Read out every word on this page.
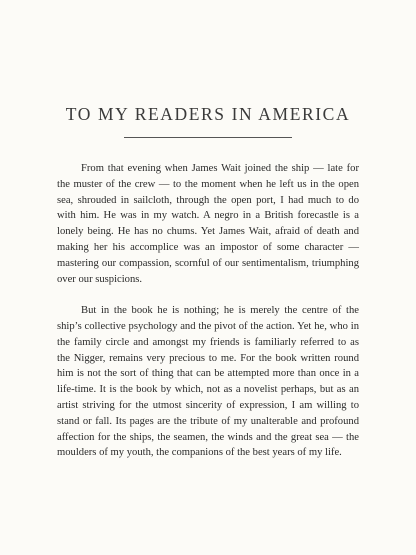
TO MY READERS IN AMERICA

From that evening when James Wait joined the ship — late for the muster of the crew — to the moment when he left us in the open sea, shrouded in sailcloth, through the open port, I had much to do with him. He was in my watch. A negro in a British forecastle is a lonely being. He has no chums. Yet James Wait, afraid of death and making her his accomplice was an impostor of some character — mastering our compassion, scornful of our sentimentalism, triumphing over our suspicions.

But in the book he is nothing; he is merely the centre of the ship’s collective psychology and the pivot of the action. Yet he, who in the family circle and amongst my friends is familiarly referred to as the Nigger, remains very precious to me. For the book written round him is not the sort of thing that can be attempted more than once in a life-time. It is the book by which, not as a novelist perhaps, but as an artist striving for the utmost sincerity of expression, I am willing to stand or fall. Its pages are the tribute of my unalterable and profound affection for the ships, the seamen, the winds and the great sea — the moulders of my youth, the companions of the best years of my life.
